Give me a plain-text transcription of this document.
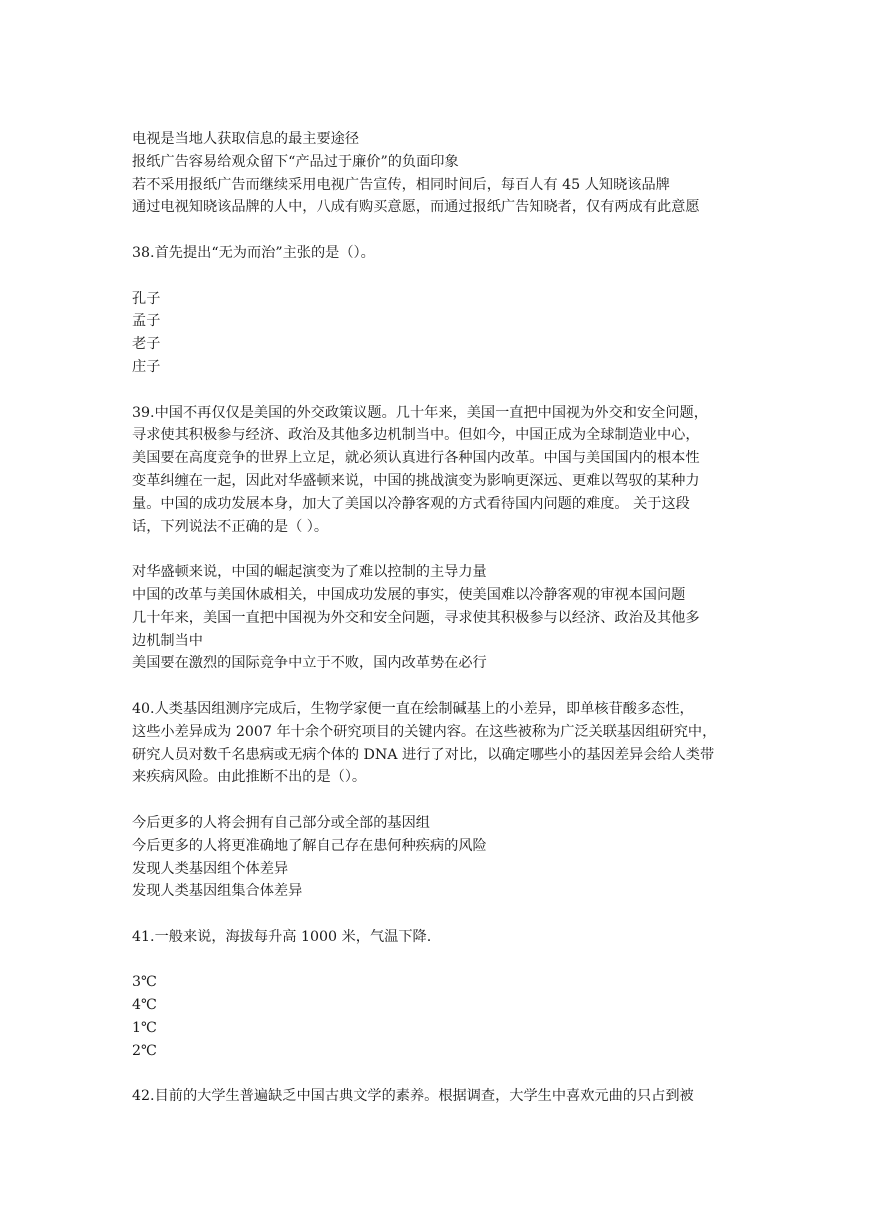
电视是当地人获取信息的最主要途径

报纸广告容易给观众留下“产品过于廉价”的负面印象

若不采用报纸广告而继续采用电视广告宣传，相同时间后，每百人有 45 人知晓该品牌

通过电视知晓该品牌的人中，八成有购买意愿，而通过报纸广告知晓者，仅有两成有此意愿

38.首先提出“无为而治”主张的是（）。

孔子

孟子

老子

庄子

39.中国不再仅仅是美国的外交政策议题。几十年来，美国一直把中国视为外交和安全问题，

寻求使其积极参与经济、政治及其他多边机制当中。但如今，中国正成为全球制造业中心，

美国要在高度竞争的世界上立足，就必须认真进行各种国内改革。中国与美国国内的根本性

变革纠缠在一起，因此对华盛顿来说，中国的挑战演变为影响更深远、更难以驾驭的某种力

量。中国的成功发展本身，加大了美国以冷静客观的方式看待国内问题的难度。 关于这段

话，下列说法不正确的是（ ）。

对华盛顿来说，中国的崛起演变为了难以控制的主导力量

中国的改革与美国休戚相关，中国成功发展的事实，使美国难以冷静客观的审视本国问题

几十年来，美国一直把中国视为外交和安全问题，寻求使其积极参与以经济、政治及其他多

边机制当中

美国要在激烈的国际竞争中立于不败，国内改革势在必行

40.人类基因组测序完成后，生物学家便一直在绘制碱基上的小差异，即单核苷酸多态性，

这些小差异成为 2007 年十余个研究项目的关键内容。在这些被称为广泛关联基因组研究中，

研究人员对数千名患病或无病个体的 DNA 进行了对比，以确定哪些小的基因差异会给人类带

来疾病风险。由此推断不出的是（）。

今后更多的人将会拥有自己部分或全部的基因组

今后更多的人将更准确地了解自己存在患何种疾病的风险

发现人类基因组个体差异

发现人类基因组集合体差异

41.一般来说，海拔每升高 1000 米，气温下降.

3℃

4℃

1℃

2℃

42.目前的大学生普遍缺乏中国古典文学的素养。根据调查，大学生中喜欢元曲的只占到被
